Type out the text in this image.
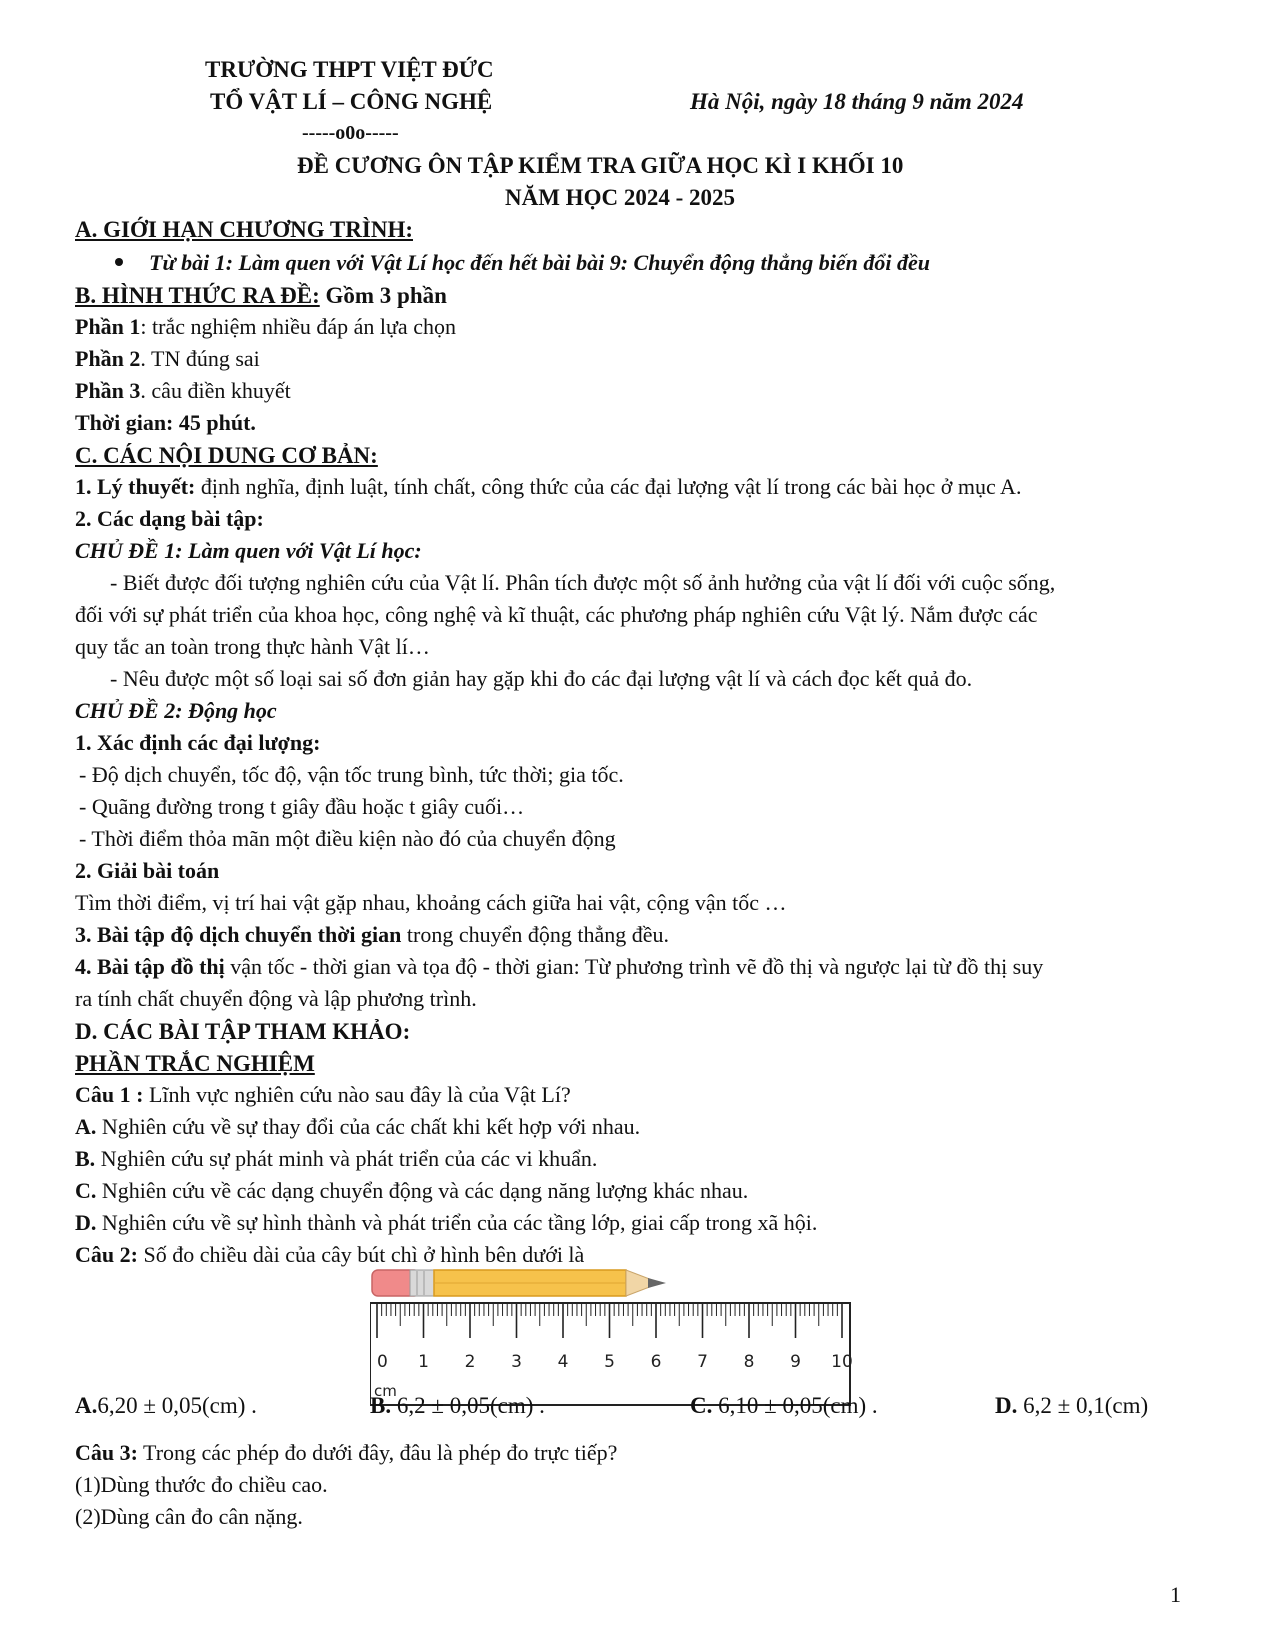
TRƯỜNG THPT VIỆT ĐỨC
TỔ VẬT LÍ – CÔNG NGHỆ	Hà Nội, ngày 18 tháng 9 năm 2024
-----o0o-----
ĐỀ CƯƠNG ÔN TẬP KIỂM TRA GIỮA HỌC KÌ I KHỐI 10
NĂM HỌC 2024 - 2025
A. GIỚI HẠN CHƯƠNG TRÌNH:
Từ bài 1: Làm quen với Vật Lí học đến hết bài bài 9: Chuyển động thẳng biến đổi đều
B. HÌNH THỨC RA ĐỀ: Gồm 3 phần
Phần 1: trắc nghiệm nhiều đáp án lựa chọn
Phần 2. TN đúng sai
Phần 3. câu điền khuyết
Thời gian: 45 phút.
C. CÁC NỘI DUNG CƠ BẢN:
1. Lý thuyết: định nghĩa, định luật, tính chất, công thức của các đại lượng vật lí trong các bài học ở mục A.
2. Các dạng bài tập:
CHỦ ĐỀ 1: Làm quen với Vật Lí học:
- Biết được đối tượng nghiên cứu của Vật lí. Phân tích được một số ảnh hưởng của vật lí đối với cuộc sống,
đối với sự phát triển của khoa học, công nghệ và kĩ thuật, các phương pháp nghiên cứu Vật lý. Nắm được các
quy tắc an toàn trong thực hành Vật lí…
- Nêu được một số loại sai số đơn giản hay gặp khi đo các đại lượng vật lí và cách đọc kết quả đo.
CHỦ ĐỀ 2: Động học
1. Xác định các đại lượng:
- Độ dịch chuyển, tốc độ, vận tốc trung bình, tức thời; gia tốc.
- Quãng đường trong t giây đầu hoặc t giây cuối…
- Thời điểm thỏa mãn một điều kiện nào đó của chuyển động
2. Giải bài toán
Tìm thời điểm, vị trí hai vật gặp nhau, khoảng cách giữa hai vật, cộng vận tốc …
3. Bài tập độ dịch chuyển thời gian trong chuyển động thẳng đều.
4. Bài tập đồ thị vận tốc - thời gian và tọa độ - thời gian: Từ phương trình vẽ đồ thị và ngược lại từ đồ thị suy
ra tính chất chuyển động và lập phương trình.
D. CÁC BÀI TẬP THAM KHẢO:
PHẦN TRẮC NGHIỆM
Câu 1 : Lĩnh vực nghiên cứu nào sau đây là của Vật Lí?
A. Nghiên cứu về sự thay đổi của các chất khi kết hợp với nhau.
B. Nghiên cứu sự phát minh và phát triển của các vi khuẩn.
C. Nghiên cứu về các dạng chuyển động và các dạng năng lượng khác nhau.
D. Nghiên cứu về sự hình thành và phát triển của các tầng lớp, giai cấp trong xã hội.
Câu 2: Số đo chiều dài của cây bút chì ở hình bên dưới là
0 1 2 3 4 5 6 7 8 9 10
cm
A.6,20 ± 0,05(cm) .	B. 6,2 ± 0,05(cm) .	C. 6,10 ± 0,05(cm) .	D. 6,2 ± 0,1(cm)
Câu 3: Trong các phép đo dưới đây, đâu là phép đo trực tiếp?
(1)Dùng thước đo chiều cao.
(2)Dùng cân đo cân nặng.
1
